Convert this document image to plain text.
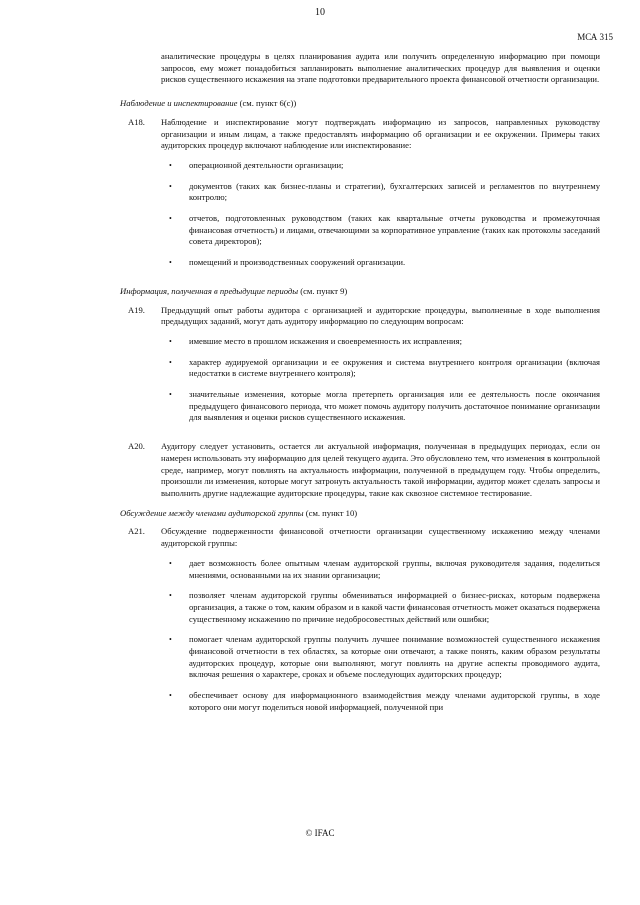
10
МСА 315

аналитические процедуры в целях планирования аудита или получить определенную информацию при помощи запросов, ему может понадобиться запланировать выполнение аналитических процедур для выявления и оценки рисков существенного искажения на этапе подготовки предварительного проекта финансовой отчетности организации.

Наблюдение и инспектирование (см. пункт 6(с))

A18.	Наблюдение и инспектирование могут подтверждать информацию из запросов, направленных руководству организации и иным лицам, а также предоставлять информацию об организации и ее окружении. Примеры таких аудиторских процедур включают наблюдение или инспектирование:
•	операционной деятельности организации;
•	документов (таких как бизнес-планы и стратегии), бухгалтерских записей и регламентов по внутреннему контролю;
•	отчетов, подготовленных руководством (таких как квартальные отчеты руководства и промежуточная финансовая отчетность) и лицами, отвечающими за корпоративное управление (таких как протоколы заседаний совета директоров);
•	помещений и производственных сооружений организации.

Информация, полученная в предыдущие периоды (см. пункт 9)

A19.	Предыдущий опыт работы аудитора с организацией и аудиторские процедуры, выполненные в ходе выполнения предыдущих заданий, могут дать аудитору информацию по следующим вопросам:
•	имевшие место в прошлом искажения и своевременность их исправления;
•	характер аудируемой организации и ее окружения и система внутреннего контроля организации (включая недостатки в системе внутреннего контроля);
•	значительные изменения, которые могла претерпеть организация или ее деятельность после окончания предыдущего финансового периода, что может помочь аудитору получить достаточное понимание организации для выявления и оценки рисков существенного искажения.
A20.	Аудитору следует установить, остается ли актуальной информация, полученная в предыдущих периодах, если он намерен использовать эту информацию для целей текущего аудита. Это обусловлено тем, что изменения в контрольной среде, например, могут повлиять на актуальность информации, полученной в предыдущем году. Чтобы определить, произошли ли изменения, которые могут затронуть актуальность такой информации, аудитор может сделать запросы и выполнить другие надлежащие аудиторские процедуры, такие как сквозное системное тестирование.

Обсуждение между членами аудиторской группы (см. пункт 10)

A21.	Обсуждение подверженности финансовой отчетности организации существенному искажению между членами аудиторской группы:
•	дает возможность более опытным членам аудиторской группы, включая руководителя задания, поделиться мнениями, основанными на их знании организации;
•	позволяет членам аудиторской группы обмениваться информацией о бизнес-рисках, которым подвержена организация, а также о том, каким образом и в какой части финансовая отчетность может оказаться подвержена существенному искажению по причине недобросовестных действий или ошибки;
•	помогает членам аудиторской группы получить лучшее понимание возможностей существенного искажения финансовой отчетности в тех областях, за которые они отвечают, а также понять, каким образом результаты аудиторских процедур, которые они выполняют, могут повлиять на другие аспекты проводимого аудита, включая решения о характере, сроках и объеме последующих аудиторских процедур;
•	обеспечивает основу для информационного взаимодействия между членами аудиторской группы, в ходе которого они могут поделиться новой информацией, полученной при
© IFAC
